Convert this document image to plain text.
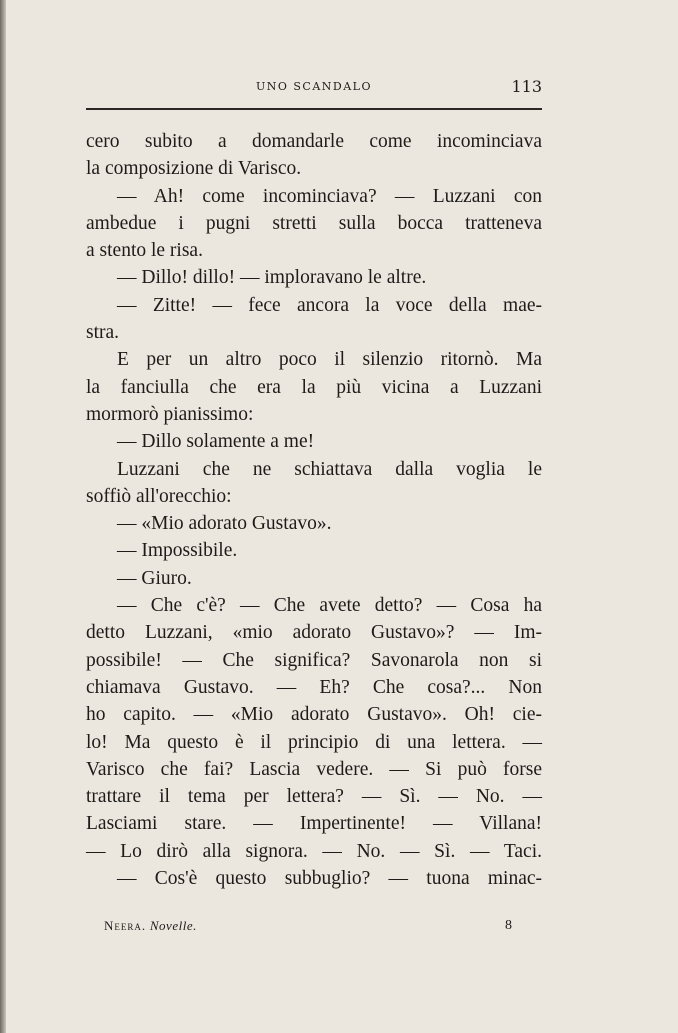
UNO SCANDALO	113
cero subito a domandarle come incominciava
la composizione di Varisco.
— Ah! come incominciava? — Luzzani con
ambedue i pugni stretti sulla bocca tratteneva
a stento le risa.
— Dillo! dillo! — imploravano le altre.
— Zitte! — fece ancora la voce della mae-
stra.
E per un altro poco il silenzio ritornò. Ma
la fanciulla che era la più vicina a Luzzani
mormorò pianissimo:
— Dillo solamente a me!
Luzzani che ne schiattava dalla voglia le
soffiò all'orecchio:
— «Mio adorato Gustavo».
— Impossibile.
— Giuro.
— Che c'è? — Che avete detto? — Cosa ha
detto Luzzani, «mio adorato Gustavo»? — Im-
possibile! — Che significa? Savonarola non si
chiamava Gustavo. — Eh? Che cosa?... Non
ho capito. — «Mio adorato Gustavo». Oh! cie-
lo! Ma questo è il principio di una lettera. —
Varisco che fai? Lascia vedere. — Si può forse
trattare il tema per lettera? — Sì. — No. —
Lasciami stare. — Impertinente! — Villana!
— Lo dirò alla signora. — No. — Sì. — Taci.
— Cos'è questo subbuglio? — tuona minac-
Neera. Novelle.	8
